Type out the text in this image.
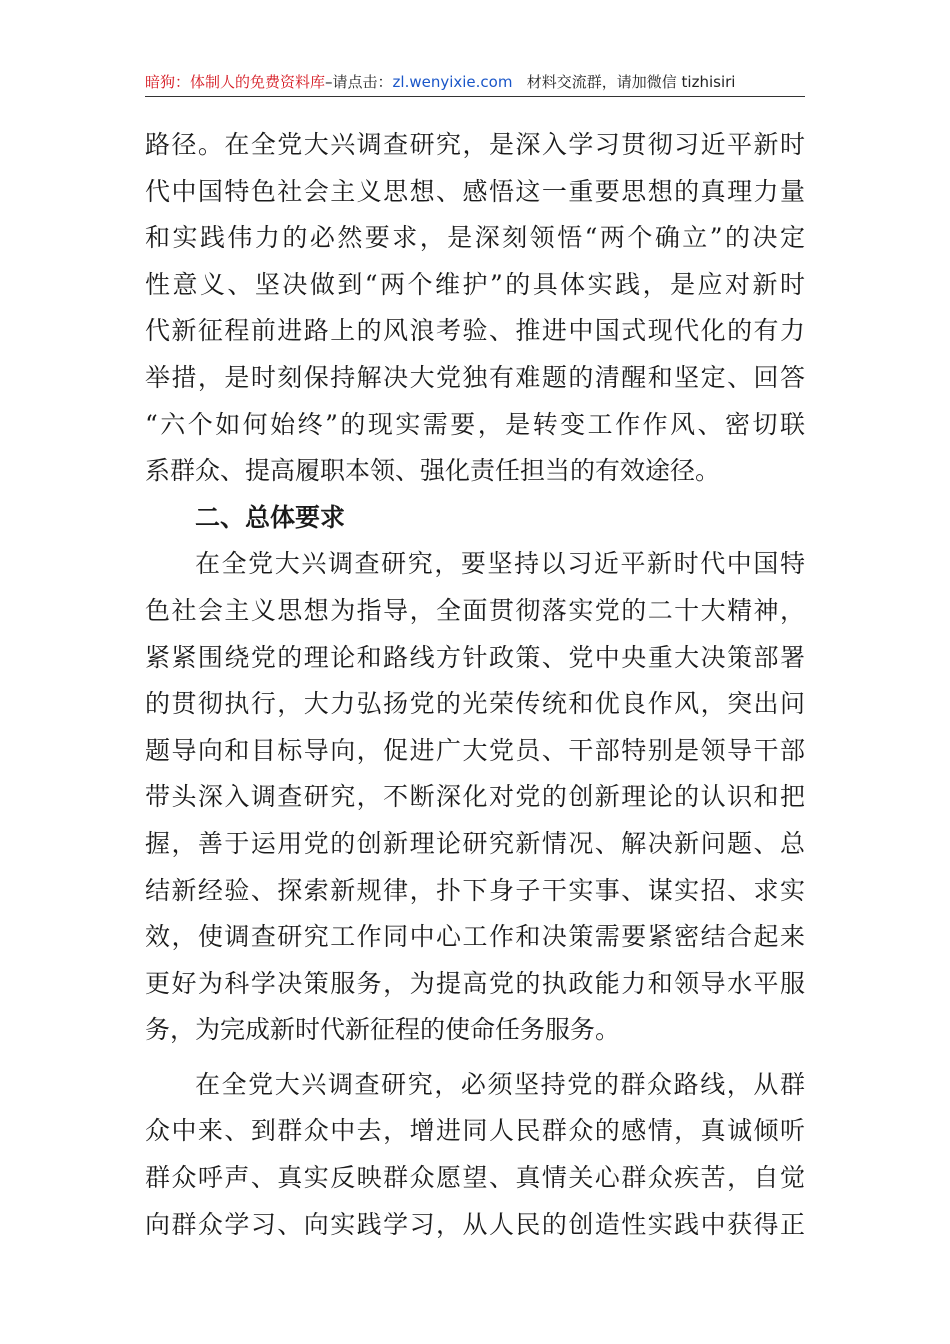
暗狗：体制人的免费资料库–请点击：zl.wenyixie.com 材料交流群，请加微信 tizhisiri
路径。在全党大兴调查研究，是深入学习贯彻习近平新时
代中国特色社会主义思想、感悟这一重要思想的真理力量
和实践伟力的必然要求，是深刻领悟“两个确立”的决定
性意义、坚决做到“两个维护”的具体实践，是应对新时
代新征程前进路上的风浪考验、推进中国式现代化的有力
举措，是时刻保持解决大党独有难题的清醒和坚定、回答
“六个如何始终”的现实需要，是转变工作作风、密切联
系群众、提高履职本领、强化责任担当的有效途径。
二、总体要求
在全党大兴调查研究，要坚持以习近平新时代中国特
色社会主义思想为指导，全面贯彻落实党的二十大精神，
紧紧围绕党的理论和路线方针政策、党中央重大决策部署
的贯彻执行，大力弘扬党的光荣传统和优良作风，突出问
题导向和目标导向，促进广大党员、干部特别是领导干部
带头深入调查研究，不断深化对党的创新理论的认识和把
握，善于运用党的创新理论研究新情况、解决新问题、总
结新经验、探索新规律，扑下身子干实事、谋实招、求实
效，使调查研究工作同中心工作和决策需要紧密结合起来
更好为科学决策服务，为提高党的执政能力和领导水平服
务，为完成新时代新征程的使命任务服务。
在全党大兴调查研究，必须坚持党的群众路线，从群
众中来、到群众中去，增进同人民群众的感情，真诚倾听
群众呼声、真实反映群众愿望、真情关心群众疾苦，自觉
向群众学习、向实践学习，从人民的创造性实践中获得正
